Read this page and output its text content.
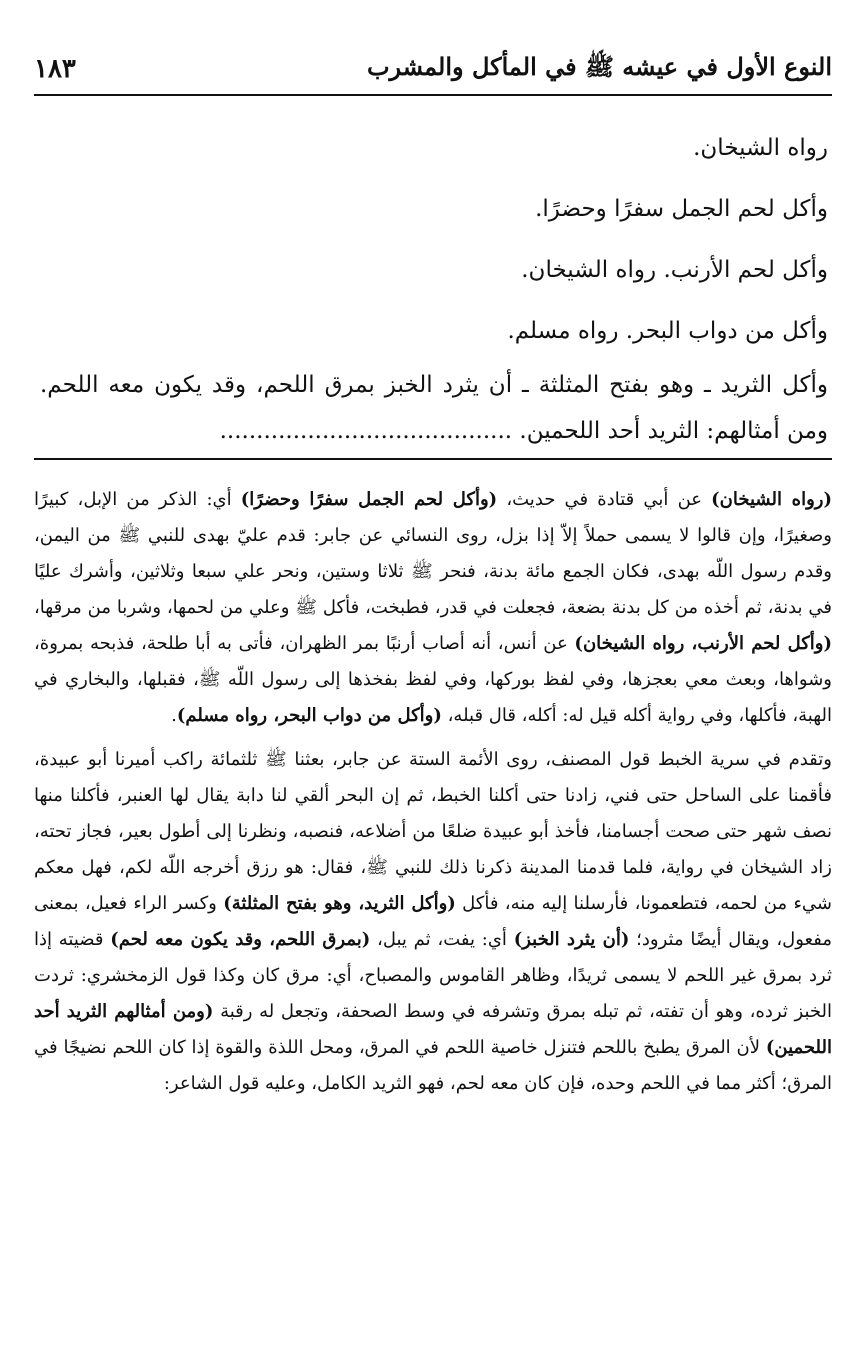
النوع الأول في عيشه ﷺ في المأكل والمشرب
١٨٣

رواه الشيخان.

وأكل لحم الجمل سفرًا وحضرًا.

وأكل لحم الأرنب. رواه الشيخان.

وأكل من دواب البحر. رواه مسلم.

وأكل الثريد ـ وهو بفتح المثلثة ـ أن يثرد الخبز بمرق اللحم، وقد يكون معه اللحم. ومن أمثالهم: الثريد أحد اللحمين. ........................................

(رواه الشيخان) عن أبي قتادة في حديث، (وأكل لحم الجمل سفرًا وحضرًا) أي: الذكر من الإبل، كبيرًا وصغيرًا، وإن قالوا لا يسمى حملاً إلاّ إذا بزل، روى النسائي عن جابر: قدم عليّ بهدى للنبي ﷺ من اليمن، وقدم رسول اللّه بهدى، فكان الجمع مائة بدنة، فنحر ﷺ ثلاثا وستين، ونحر علي سبعا وثلاثين، وأشرك عليًا في بدنة، ثم أخذه من كل بدنة بضعة، فجعلت في قدر، فطبخت، فأكل ﷺ وعلي من لحمها، وشربا من مرقها، (وأكل لحم الأرنب، رواه الشيخان) عن أنس، أنه أصاب أرنبًا بمر الظهران، فأتى به أبا طلحة، فذبحه بمروة، وشواها، وبعث معي بعجزها، وفي لفظ بوركها، وفي لفظ بفخذها إلى رسول اللّه ﷺ، فقبلها، والبخاري في الهبة، فأكلها، وفي رواية أكله قيل له: أكله، قال قبله، (وأكل من دواب البحر، رواه مسلم).

وتقدم في سرية الخبط قول المصنف، روى الأئمة الستة عن جابر، بعثنا ﷺ ثلثمائة راكب أميرنا أبو عبيدة، فأقمنا على الساحل حتى فني، زادنا حتى أكلنا الخبط، ثم إن البحر ألقي لنا دابة يقال لها العنبر، فأكلنا منها نصف شهر حتى صحت أجسامنا، فأخذ أبو عبيدة ضلعًا من أضلاعه، فنصبه، ونظرنا إلى أطول بعير، فجاز تحته، زاد الشيخان في رواية، فلما قدمنا المدينة ذكرنا ذلك للنبي ﷺ، فقال: هو رزق أخرجه اللّه لكم، فهل معكم شيء من لحمه، فتطعمونا، فأرسلنا إليه منه، فأكل (وأكل الثريد، وهو بفتح المثلثة) وكسر الراء فعيل، بمعنى مفعول، ويقال أيضًا مثرود؛ (أن يثرد الخبز) أي: يفت، ثم يبل، (بمرق اللحم، وقد يكون معه لحم) قضيته إذا ثرد بمرق غير اللحم لا يسمى ثريدًا، وظاهر القاموس والمصباح، أي: مرق كان وكذا قول الزمخشري: ثردت الخبز ثرده، وهو أن تفته، ثم تبله بمرق وتشرفه في وسط الصحفة، وتجعل له رقبة (ومن أمثالهم الثريد أحد اللحمين) لأن المرق يطبخ باللحم فتنزل خاصية اللحم في المرق، ومحل اللذة والقوة إذا كان اللحم نضيجًا في المرق؛ أكثر مما في اللحم وحده، فإن كان معه لحم، فهو الثريد الكامل، وعليه قول الشاعر:
